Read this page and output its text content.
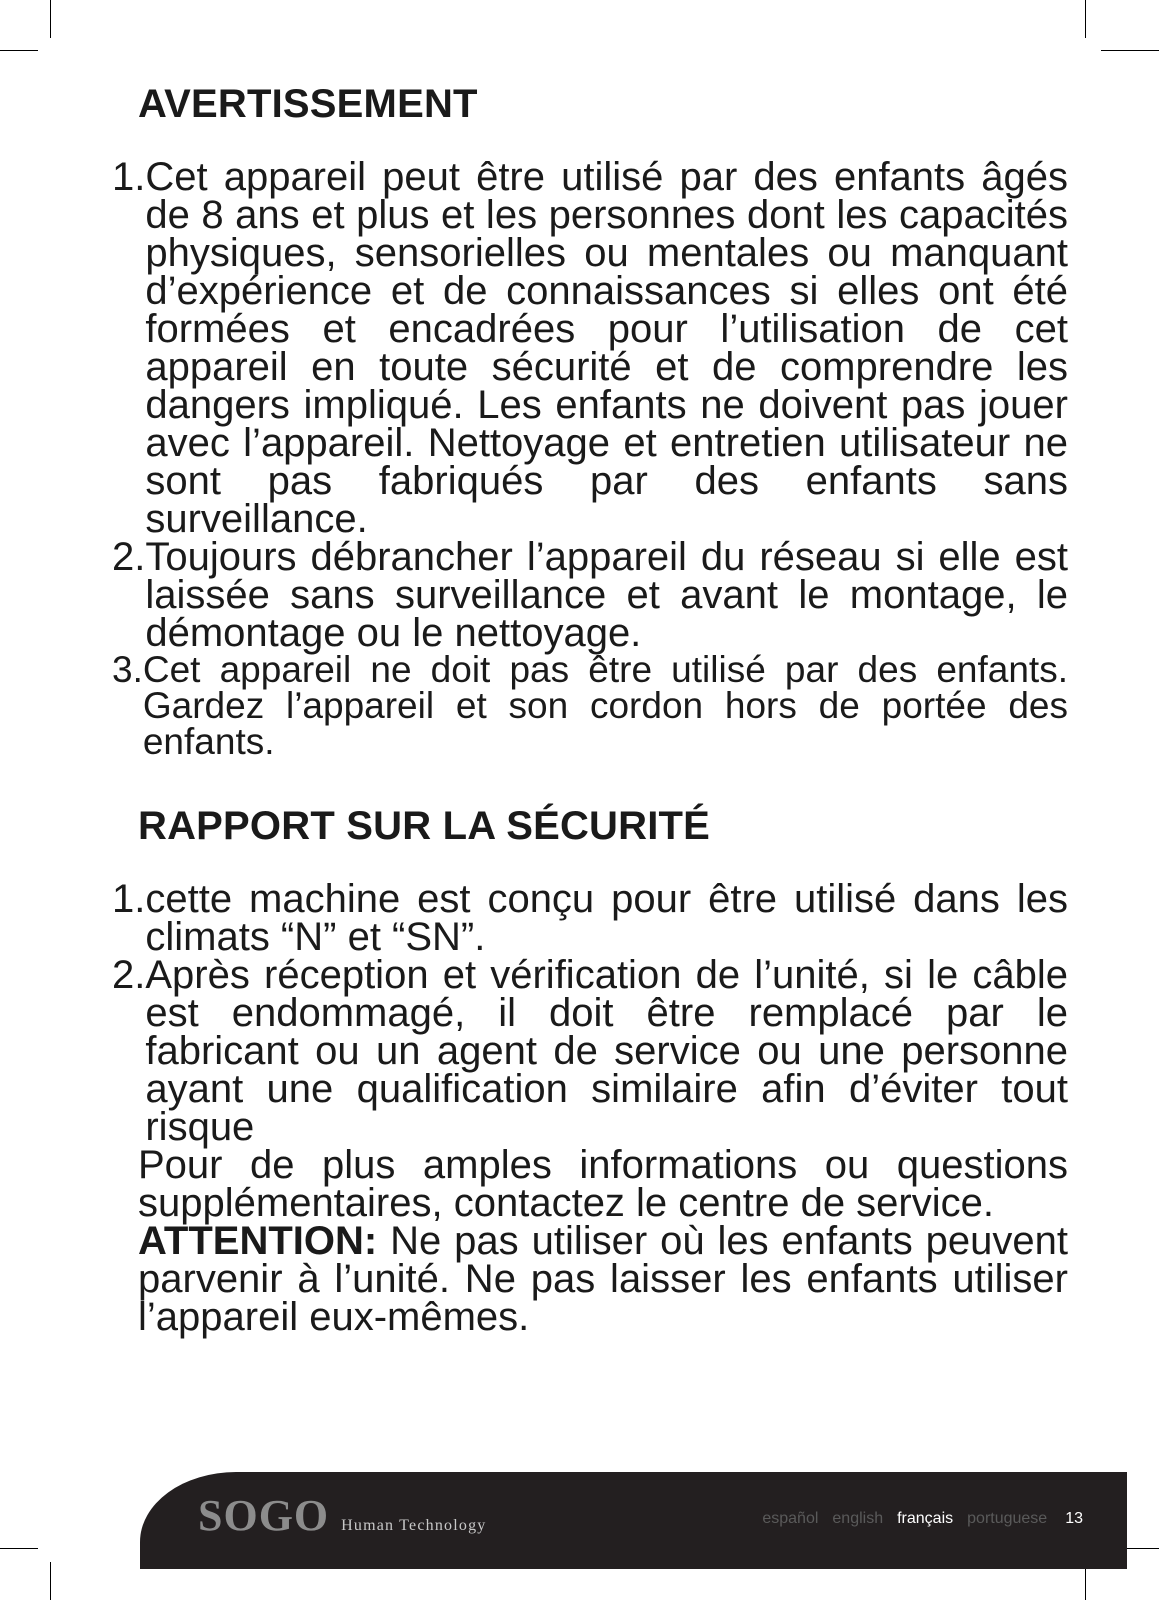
AVERTISSEMENT
1. Cet appareil peut être utilisé par des enfants âgés de 8 ans et plus et les personnes dont les capacités physiques, sensorielles ou mentales ou manquant d’expérience et de connaissances si elles ont été formées et encadrées pour l’utilisation de cet appareil en toute sécurité et de comprendre les dangers impliqué. Les enfants ne doivent pas jouer avec l’appareil. Nettoyage et entretien utilisateur ne sont pas fabriqués par des enfants sans surveillance.
2. Toujours débrancher l’appareil du réseau si elle est laissée sans surveillance et avant le montage, le démontage ou le nettoyage.
3. Cet appareil ne doit pas être utilisé par des enfants. Gardez l’appareil et son cordon hors de portée des enfants.
RAPPORT SUR LA SÉCURITÉ
1. cette machine est conçu pour être utilisé dans les climats “N” et “SN”.
2. Après réception et vérification de l’unité, si le câble est endommagé, il doit être remplacé par le fabricant ou un agent de service ou une personne ayant une qualification similaire afin d’éviter tout risque

Pour de plus amples informations ou questions supplémentaires, contactez le centre de service.

ATTENTION: Ne pas utiliser où les enfants peuvent parvenir à l’unité. Ne pas laisser les enfants utiliser l’appareil eux-mêmes.

SOGO Human Technology	español english français portuguese 13
